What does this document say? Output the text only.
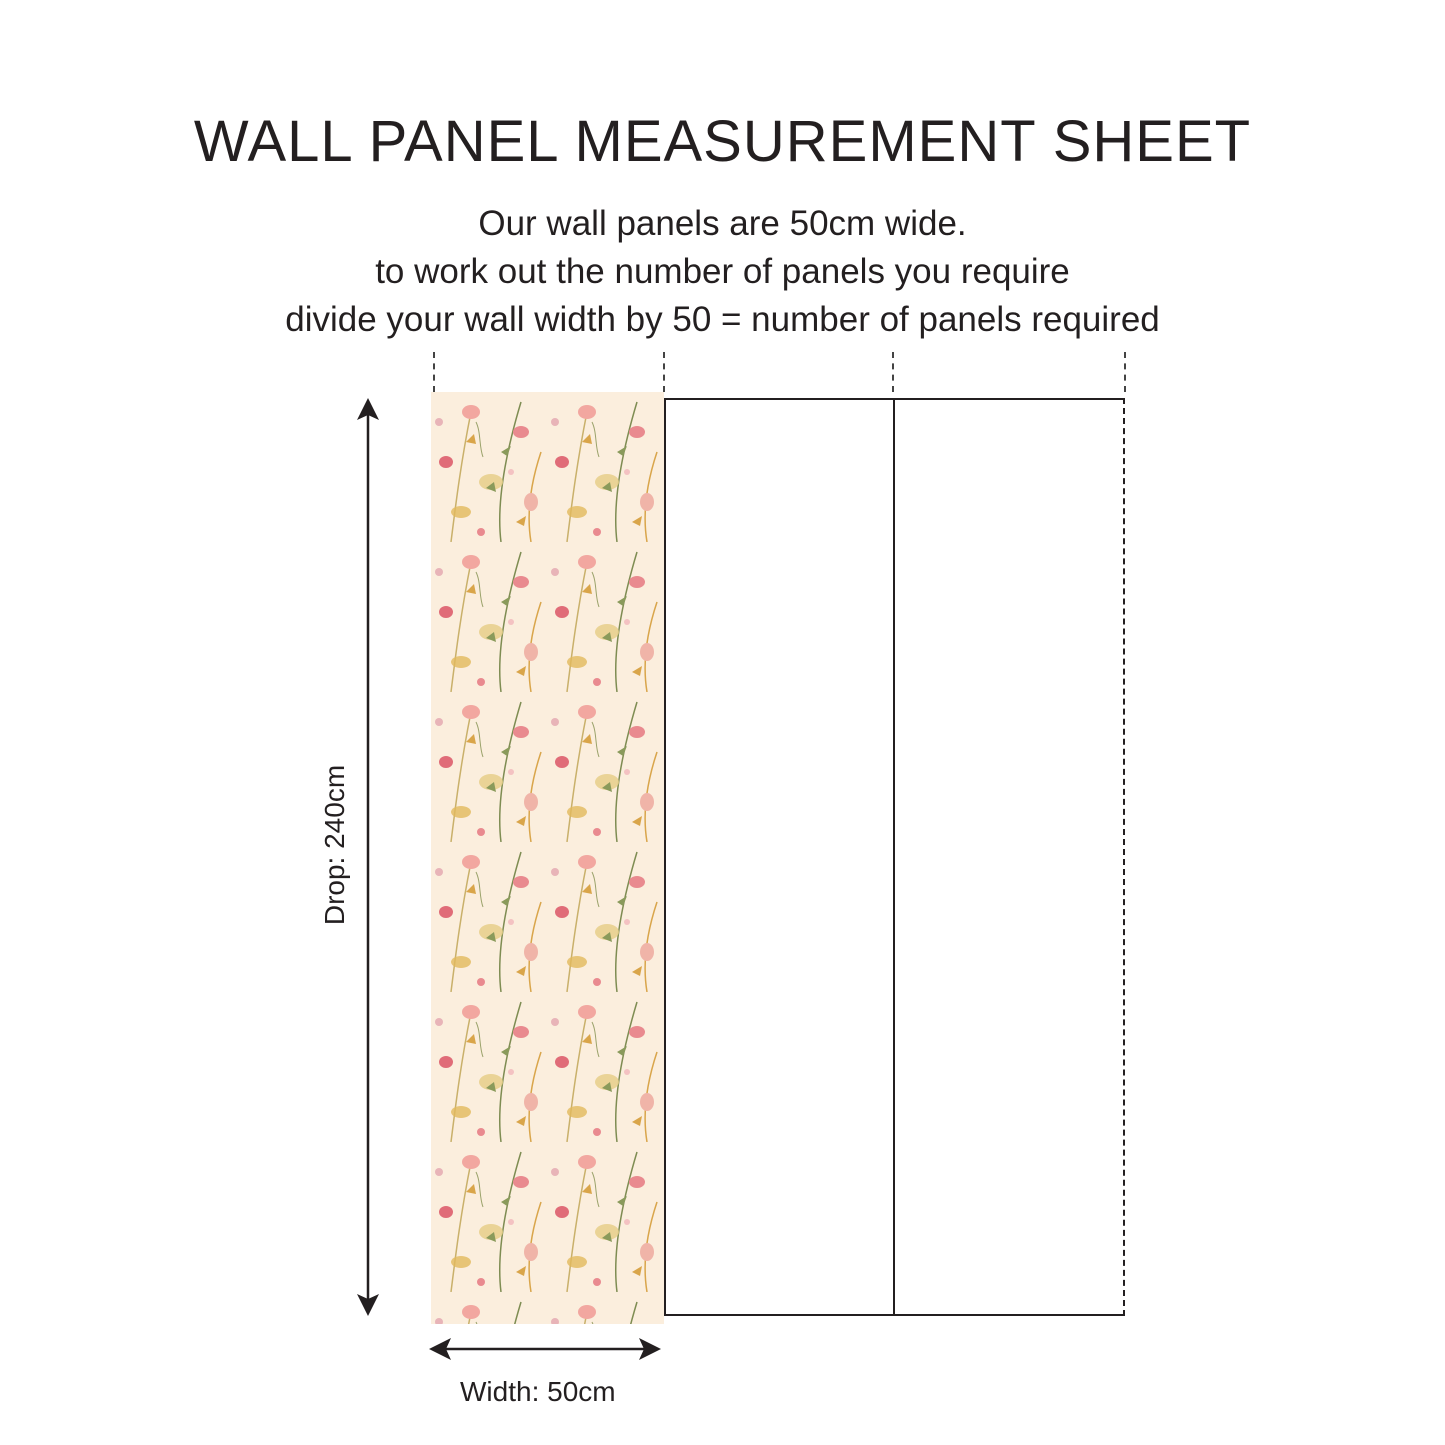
WALL PANEL MEASUREMENT SHEET
Our wall panels are 50cm wide.
to work out the number of panels you require
divide your wall width by 50 = number of panels required
Drop: 240cm
Width: 50cm
